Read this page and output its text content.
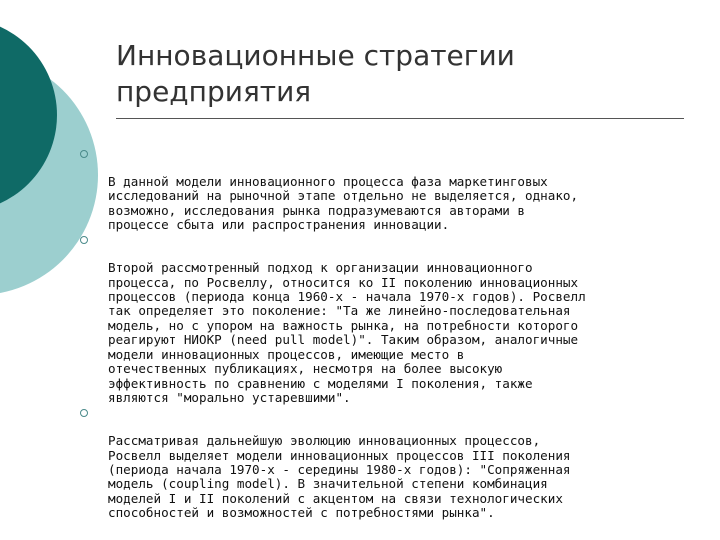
Инновационные стратегии
предприятия

В данной модели инновационного процесса фаза маркетинговых
исследований на рыночной этапе отдельно не выделяется, однако,
возможно, исследования рынка подразумеваются авторами в
процессе сбыта или распространения инновации.

Второй рассмотренный подход к организации инновационного
процесса, по Росвеллу, относится ко II поколению инновационных
процессов (периода конца 1960-х - начала 1970-х годов). Росвелл
так определяет это поколение: "Та же линейно-последовательная
модель, но с упором на важность рынка, на потребности которого
реагируют НИОКР (need pull model)". Таким образом, аналогичные
модели инновационных процессов, имеющие место в
отечественных публикациях, несмотря на более высокую
эффективность по сравнению с моделями I поколения, также
являются "морально устаревшими".

Рассматривая дальнейшую эволюцию инновационных процессов,
Росвелл выделяет модели инновационных процессов III поколения
(периода начала 1970-х - середины 1980-х годов): "Сопряженная
модель (coupling model). В значительной степени комбинация
моделей I и II поколений с акцентом на связи технологических
способностей и возможностей с потребностями рынка".
